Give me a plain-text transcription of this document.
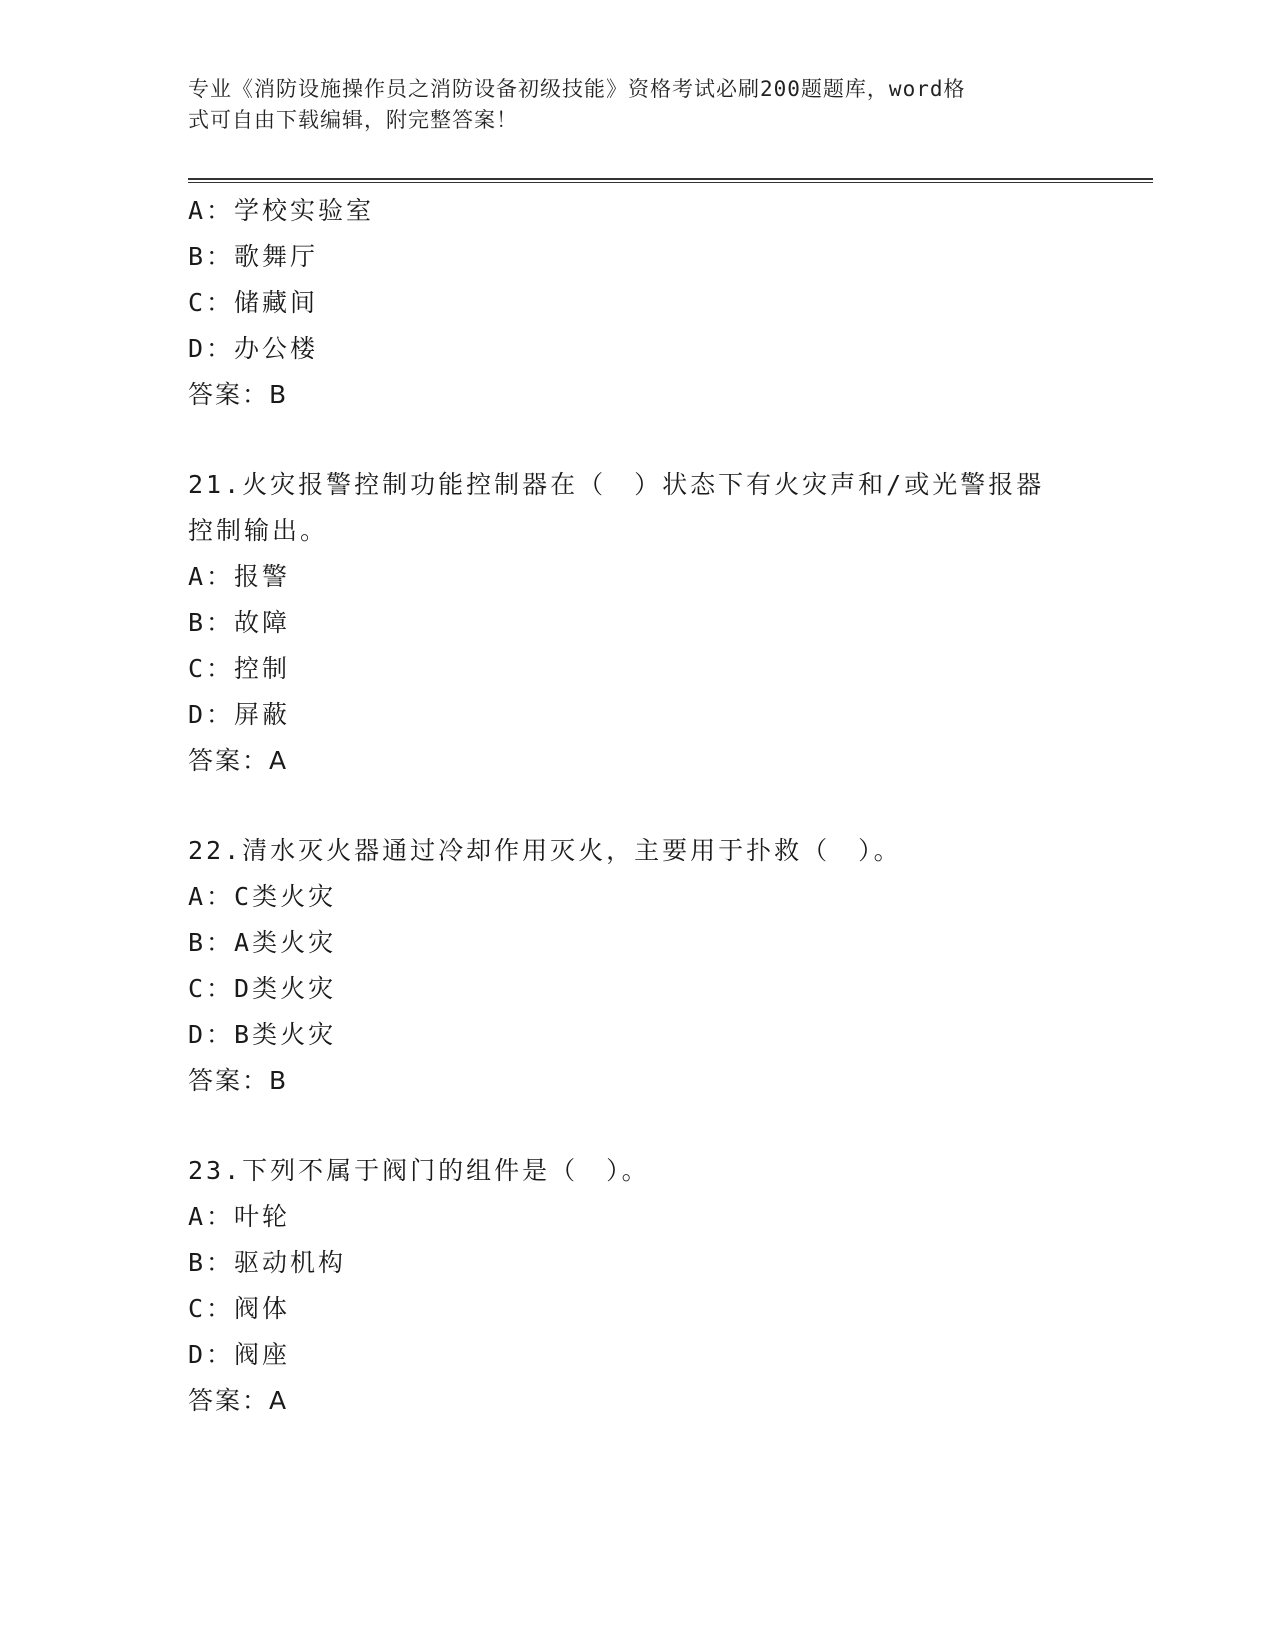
专业《消防设施操作员之消防设备初级技能》资格考试必刷200题题库，word格
式可自由下载编辑，附完整答案！
A：学校实验室
B：歌舞厅
C：储藏间
D：办公楼
答案：B
21.火灾报警控制功能控制器在（　）状态下有火灾声和/或光警报器
控制输出。
A：报警
B：故障
C：控制
D：屏蔽
答案：A
22.清水灭火器通过冷却作用灭火，主要用于扑救（　）。
A：C类火灾
B：A类火灾
C：D类火灾
D：B类火灾
答案：B
23.下列不属于阀门的组件是（　）。
A：叶轮
B：驱动机构
C：阀体
D：阀座
答案：A
